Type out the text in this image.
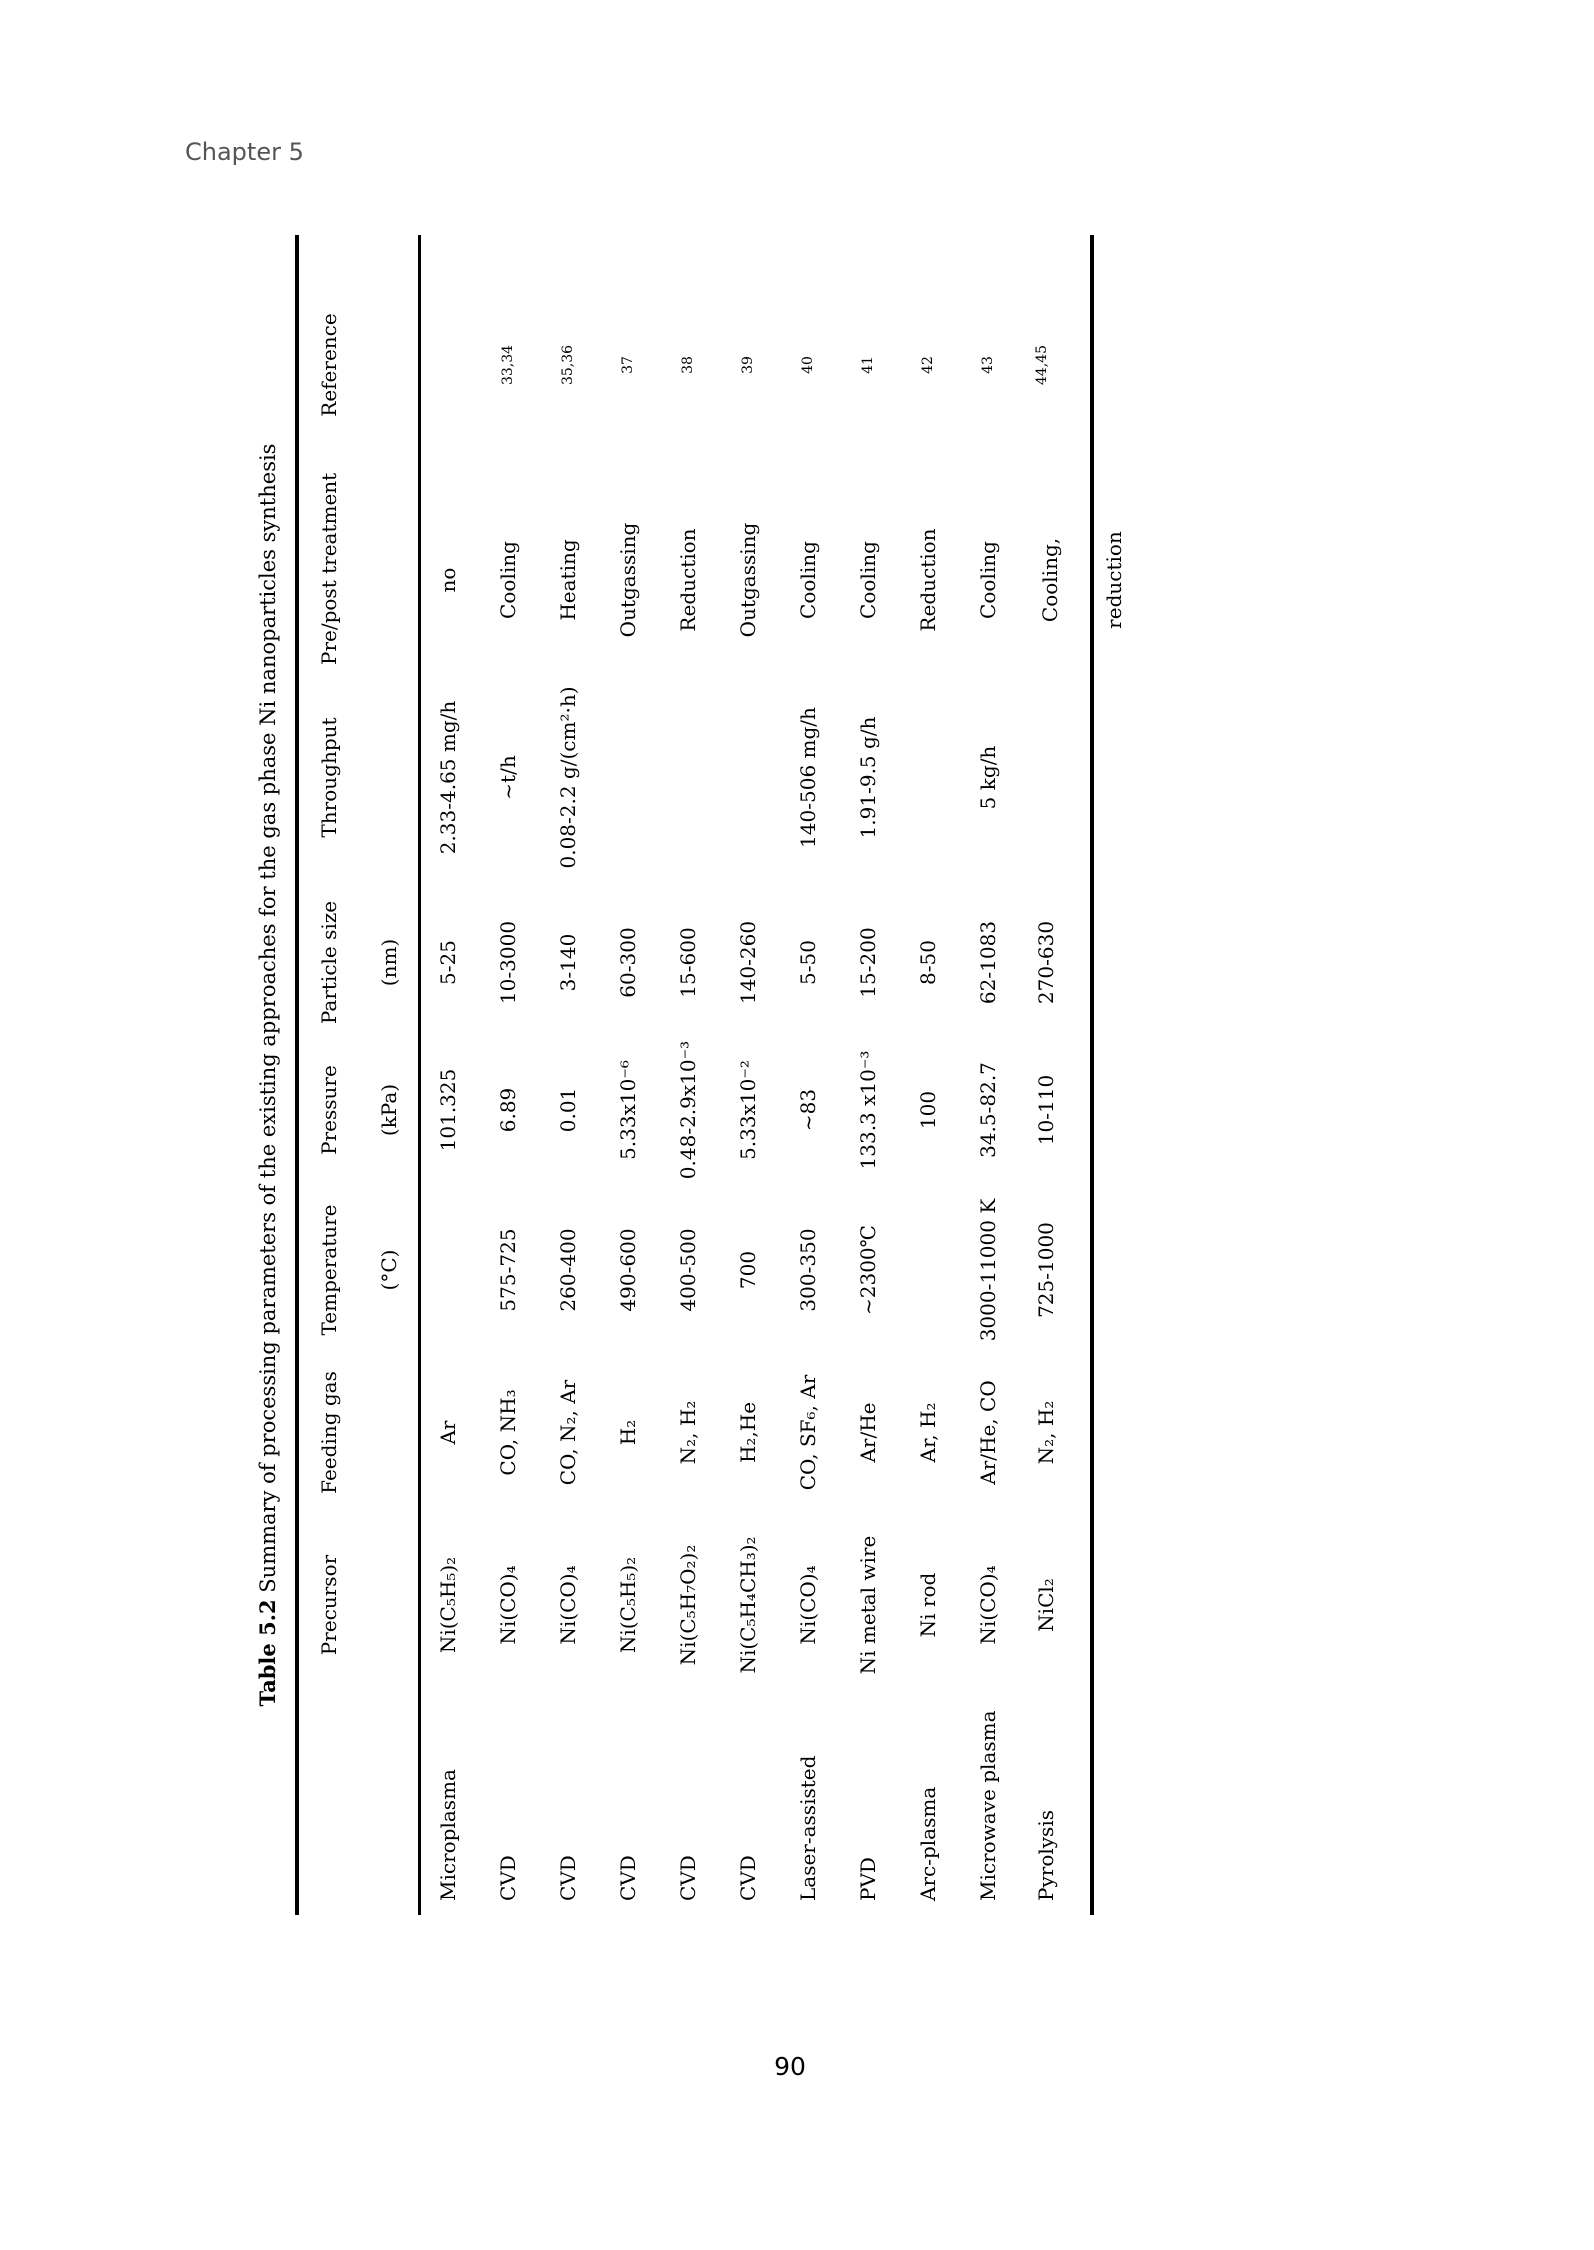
Chapter 5
Table 5.2 Summary of processing parameters of the existing approaches for the gas phase Ni nanoparticles synthesis
	Precursor	Feeding gas	Temperature	Pressure	Particle size	Throughput	Pre/post treatment	Reference
			(°C)	(kPa)	(nm)			
Microplasma	Ni(C₅H₅)₂	Ar		101.325	5-25	2.33-4.65 mg/h	no	
CVD	Ni(CO)₄	CO, NH₃	575-725	6.89	10-3000	~t/h	Cooling	33,34
CVD	Ni(CO)₄	CO, N₂, Ar	260-400	0.01	3-140	0.08-2.2 g/(cm²·h)	Heating	35,36
CVD	Ni(C₅H₅)₂	H₂	490-600	5.33x10⁻⁶	60-300		Outgassing	37
CVD	Ni(C₅H₇O₂)₂	N₂, H₂	400-500	0.48-2.9x10⁻³	15-600		Reduction	38
CVD	Ni(C₅H₄CH₃)₂	H₂,He	700	5.33x10⁻²	140-260		Outgassing	39
Laser-assisted	Ni(CO)₄	CO, SF₆, Ar	300-350	~83	5-50	140-506 mg/h	Cooling	40
PVD	Ni metal wire	Ar/He	~2300℃	133.3 x10⁻³	15-200	1.91-9.5 g/h	Cooling	41
Arc-plasma	Ni rod	Ar, H₂		100	8-50		Reduction	42
Microwave plasma	Ni(CO)₄	Ar/He, CO	3000-11000 K	34.5-82.7	62-1083	5 kg/h	Cooling	43
Pyrolysis	NiCl₂	N₂, H₂	725-1000	10-110	270-630		Cooling, reduction	44,45
90
